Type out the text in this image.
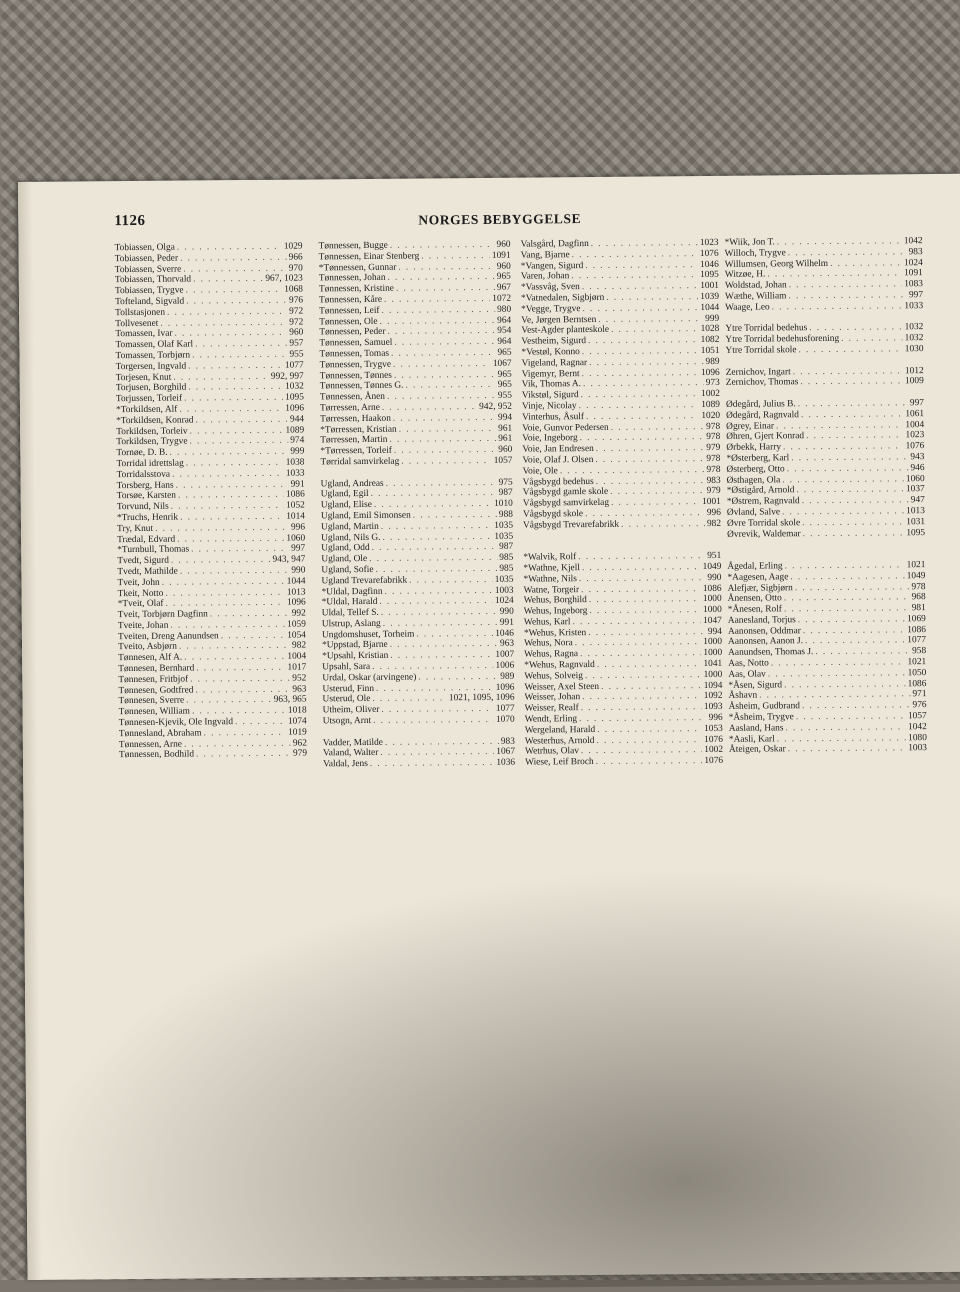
1126	NORGES BEBYGGELSE
Tobiassen, Olga . . .	1029
Tobiassen, Peder . . .	966
Tobiassen, Sverre . . .	970
Tobiassen, Thorvald . . .	967, 1023
Tobiassen, Trygve . . .	1068
Tofteland, Sigvald . . .	976
Tollstasjonen . . .	972
Tollvesenet . . .	972
Tomassen, Ivar . . .	960
Tomassen, Olaf Karl . . .	957
Tomassen, Torbjørn . . .	955
Torgersen, Ingvald . . .	1077
Torjesen, Knut . . .	992, 997
Torjusen, Borghild . . .	1032
Torjussen, Torleif . . .	1095
*Torkildsen, Alf . . .	1096
*Torkildsen, Konrad . . .	944
Torkildsen, Torleiv . . .	1089
Torkildsen, Trygve . . .	974
Tornøe, D. B. . . .	999
Torridal idrettslag . . .	1038
Torridalsstova . . .	1033
Torsberg, Hans . . .	991
Torsøe, Karsten . . .	1086
Torvund, Nils . . .	1052
*Truchs, Henrik . . .	1014
Try, Knut . . .	996
Trædal, Edvard . . .	1060
*Turnbull, Thomas . . .	997
Tvedt, Sigurd . . .	943, 947
Tvedt, Mathilde . . .	990
Tveit, John . . .	1044
Tkeit, Notto . . .	1013
*Tveit, Olaf . . .	1096
Tveit, Torbjørn Dagfinn . . .	992
Tveite, Johan . . .	1059
Tveiten, Dreng Aanundsen . . .	1054
Tveito, Asbjørn . . .	982
Tønnesen, Alf A. . . .	1004
Tønnesen, Bernhard . . .	1017
Tønnesen, Fritbjof . . .	952
Tønnesen, Godtfred . . .	963
Tønnesen, Sverre . . .	963, 965
Tønnesen, William . . .	1018
Tønnesen-Kjevik, Ole Ingvald . . .	1074
Tønnesland, Abraham . . .	1019
Tønnessen, Arne . . .	962
Tønnessen, Bodhild . . .	979
Tønnessen, Bugge . . .	960
Tønnessen, Einar Stenberg . . .	1091
*Tønnessen, Gunnar . . .	960
Tønnessen, Johan . . .	965
Tønnessen, Kristine . . .	967
Tønnessen, Kåre . . .	1072
Tønnessen, Leif . . .	980
Tønnessen, Ole . . .	964
Tønnessen, Peder . . .	954
Tønnessen, Samuel . . .	964
Tønnessen, Tomas . . .	965
Tønnessen, Trygve . . .	1067
Tønnessen, Tønnes . . .	965
Tønnessen, Tønnes G. . . .	965
Tønnessen, Ånen . . .	955
Tørressen, Arne . . .	942, 952
Tørressen, Haakon . . .	994
*Tørressen, Kristian . . .	961
Tørressen, Martin . . .	961
*Tørressen, Torleif . . .	960
Tørridal samvirkelag . . .	1057
Ugland, Andreas . . .	975
Ugland, Egil . . .	987
Ugland, Elise . . .	1010
Ugland, Emil Simonsen . . .	988
Ugland, Martin . . .	1035
Ugland, Nils G. . . .	1035
Ugland, Odd . . .	987
Ugland, Ole . . .	985
Ugland, Sofie . . .	985
Ugland Trevarefabrikk . . .	1035
*Uldal, Dagfinn . . .	1003
*Uldal, Harald . . .	1024
Uldal, Tellef S. . . .	990
Ulstrup, Aslang . . .	991
Ungdomshuset, Torheim . . .	1046
*Uppstad, Bjarne . . .	963
*Upsahl, Kristian . . .	1007
Upsahl, Sara . . .	1006
Urdal, Oskar (arvingene) . . .	989
Usterud, Finn . . .	1096
Usterud, Ole . . .	1021, 1095, 1096
Utheim, Oliver . . .	1077
Utsogn, Arnt . . .	1070
Vadder, Matilde . . .	983
Valand, Walter . . .	1067
Valdal, Jens . . .	1036
Valsgård, Dagfinn . . .	1023
Vang, Bjarne . . .	1076
*Vangen, Sigurd . . .	1046
Varen, Johan . . .	1095
*Vassvåg, Sven . . .	1001
*Vatnedalen, Sigbjørn . . .	1039
*Vegge, Trygve . . .	1044
Ve, Jørgen Berntsen . . .	999
Vest-Agder planteskole . . .	1028
Vestheim, Sigurd . . .	1082
*Vestøl, Konno . . .	1051
Vigeland, Ragnar . . .	989
Vigemyr, Bernt . . .	1096
Vik, Thomas A. . . .	973
Vikstøl, Sigurd . . .	1002
Vinje, Nicolay . . .	1089
Vinterhus, Åsulf . . .	1020
Voie, Gunvor Pedersen . . .	978
Voie, Ingeborg . . .	978
Voie, Jan Endresen . . .	979
Voie, Olaf J. Olsen . . .	978
Voie, Ole . . .	978
Vågsbygd bedehus . . .	983
Vågsbygd gamle skole . . .	979
Vågsbygd samvirkelag . . .	1001
Vågsbygd skole . . .	996
Vågsbygd Trevarefabrikk . . .	982
*Walvik, Rolf . . .	951
*Wathne, Kjell . . .	1049
*Wathne, Nils . . .	990
Watne, Torgeir . . .	1086
Wehus, Borghild . . .	1000
Wehus, Ingeborg . . .	1000
Wehus, Karl . . .	1047
*Wehus, Kristen . . .	994
Wehus, Nora . . .	1000
Wehus, Ragna . . .	1000
*Wehus, Ragnvald . . .	1041
Wehus, Solveig . . .	1000
Weisser, Axel Steen . . .	1094
Weisser, Johan . . .	1092
Weisser, Realf . . .	1093
Wendt, Erling . . .	996
Wergeland, Harald . . .	1053
Westerhus, Arnold . . .	1076
Wetrhus, Olav . . .	1002
Wiese, Leif Broch . . .	1076
*Wiik, Jon T. . . .	1042
Willoch, Trygve . . .	983
Willumsen, Georg Wilhelm . . .	1024
Witzøe, H. . . .	1091
Woldstad, Johan . . .	1083
Wæthe, William . . .	997
Waage, Leo . . .	1033
Ytre Torridal bedehus . . .	1032
Ytre Torridal bedehusforening . . .	1032
Ytre Torridal skole . . .	1030
Zernichov, Ingart . . .	1012
Zernichov, Thomas . . .	1009
Ødegård, Julius B. . . .	997
Ødegård, Ragnvald . . .	1061
Øgrey, Einar . . .	1004
Øhren, Gjert Konrad . . .	1023
Ørbekk, Harry . . .	1076
*Østerberg, Karl . . .	943
Østerberg, Otto . . .	946
Østhagen, Ola . . .	1060
*Østigård, Arnold . . .	1037
*Østrem, Ragnvald . . .	947
Øvland, Salve . . .	1013
Øvre Torridal skole . . .	1031
Øvrevik, Waldemar . . .	1095
Ågedal, Erling . . .	1021
*Aagesen, Aage . . .	1049
Alefjær, Sigbjørn . . .	978
Ånensen, Otto . . .	968
*Ånesen, Rolf . . .	981
Aanesland, Torjus . . .	1069
Aanonsen, Oddmar . . .	1086
Aanonsen, Aanon J. . . .	1077
Aanundsen, Thomas J. . . .	958
Aas, Notto . . .	1021
Aas, Olav . . .	1050
*Åsen, Sigurd . . .	1086
Åshavn . . .	971
Åsheim, Gudbrand . . .	976
*Åsheim, Trygve . . .	1057
Aasland, Hans . . .	1042
*Aasli, Karl . . .	1080
Åteigen, Oskar . . .	1003
